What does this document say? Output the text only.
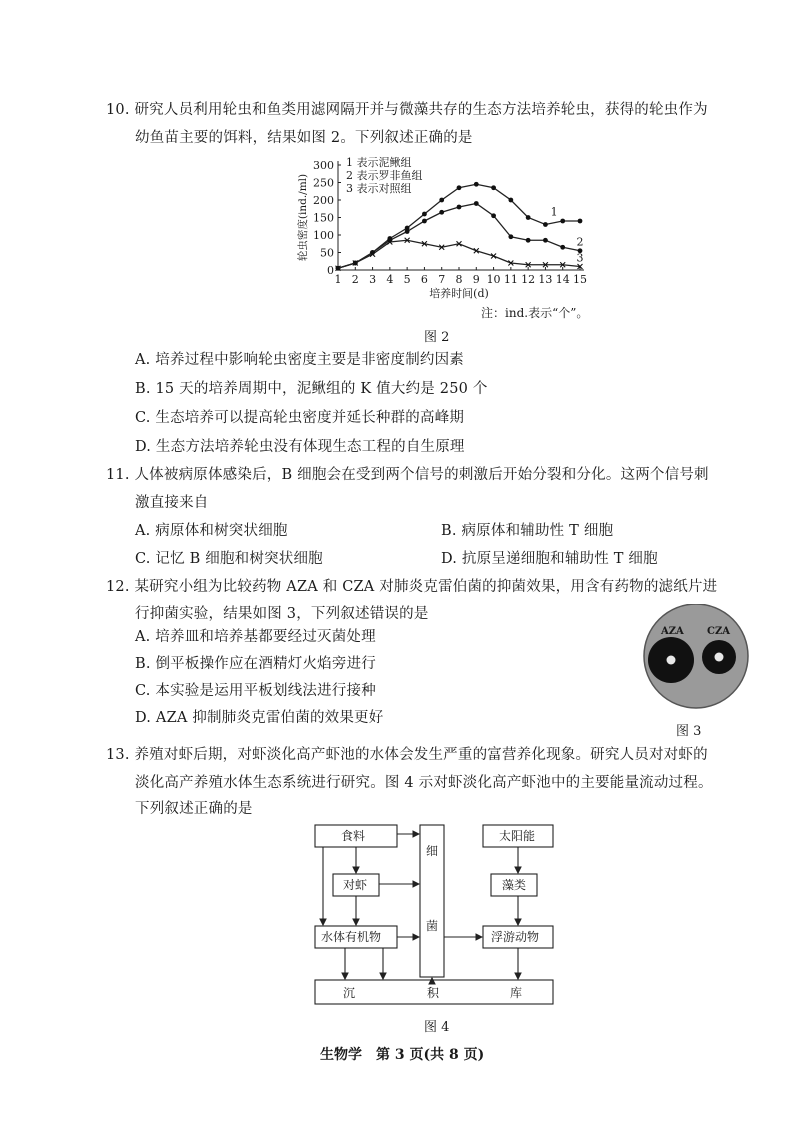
10. 研究人员利用轮虫和鱼类用滤网隔开并与微藻共存的生态方法培养轮虫，获得的轮虫作为
幼鱼苗主要的饵料，结果如图 2。下列叙述正确的是
0
50
100
150
200
250
300
1 2 3 4 5 6 7 8 9 10 11 12 13 14 15
培养时间(d)
轮虫密度(ind./ml)
1 表示泥鳅组
2 表示罗非鱼组
3 表示对照组
1
2
3
注：ind.表示“个”。
图 2
A. 培养过程中影响轮虫密度主要是非密度制约因素
B. 15 天的培养周期中，泥鳅组的 K 值大约是 250 个
C. 生态培养可以提高轮虫密度并延长种群的高峰期
D. 生态方法培养轮虫没有体现生态工程的自生原理
11. 人体被病原体感染后，B 细胞会在受到两个信号的刺激后开始分裂和分化。这两个信号刺
激直接来自
A. 病原体和树突状细胞	B. 病原体和辅助性 T 细胞
C. 记忆 B 细胞和树突状细胞	D. 抗原呈递细胞和辅助性 T 细胞
12. 某研究小组为比较药物 AZA 和 CZA 对肺炎克雷伯菌的抑菌效果，用含有药物的滤纸片进
行抑菌实验，结果如图 3，下列叙述错误的是
A. 培养皿和培养基都要经过灭菌处理
B. 倒平板操作应在酒精灯火焰旁进行
C. 本实验是运用平板划线法进行接种
D. AZA 抑制肺炎克雷伯菌的效果更好
AZA CZA
图 3
13. 养殖对虾后期，对虾淡化高产虾池的水体会发生严重的富营养化现象。研究人员对对虾的
淡化高产养殖水体生态系统进行研究。图 4 示对虾淡化高产虾池中的主要能量流动过程。
下列叙述正确的是
食料
对虾
水体有机物
细
菌
太阳能
藻类
浮游动物
沉	积	库
图 4
生物学　第 3 页(共 8 页)
